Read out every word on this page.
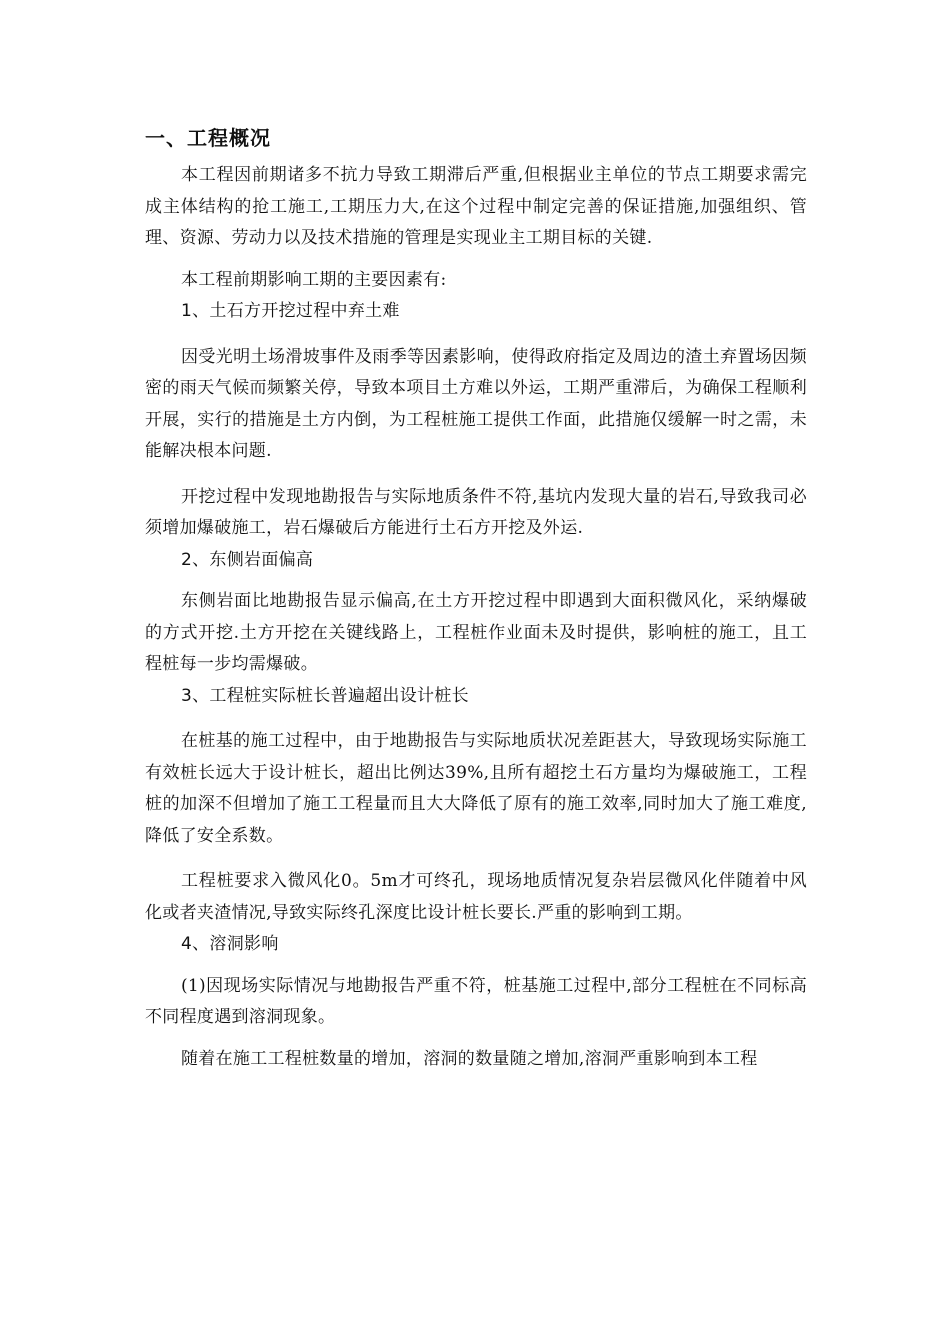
一、工程概况

本工程因前期诸多不抗力导致工期滞后严重,但根据业主单位的节点工期要求需完成主体结构的抢工施工,工期压力大,在这个过程中制定完善的保证措施,加强组织、管理、资源、劳动力以及技术措施的管理是实现业主工期目标的关键.

本工程前期影响工期的主要因素有:

1、土石方开挖过程中弃土难

因受光明土场滑坡事件及雨季等因素影响，使得政府指定及周边的渣土弃置场因频密的雨天气候而频繁关停，导致本项目土方难以外运，工期严重滞后，为确保工程顺利开展，实行的措施是土方内倒，为工程桩施工提供工作面，此措施仅缓解一时之需，未能解决根本问题.

开挖过程中发现地勘报告与实际地质条件不符,基坑内发现大量的岩石,导致我司必须增加爆破施工，岩石爆破后方能进行土石方开挖及外运.

2、东侧岩面偏高

东侧岩面比地勘报告显示偏高,在土方开挖过程中即遇到大面积微风化，采纳爆破的方式开挖.土方开挖在关键线路上，工程桩作业面未及时提供，影响桩的施工，且工程桩每一步均需爆破。

3、工程桩实际桩长普遍超出设计桩长

在桩基的施工过程中，由于地勘报告与实际地质状况差距甚大，导致现场实际施工有效桩长远大于设计桩长，超出比例达39%,且所有超挖土石方量均为爆破施工，工程桩的加深不但增加了施工工程量而且大大降低了原有的施工效率,同时加大了施工难度,降低了安全系数。

工程桩要求入微风化0。5m才可终孔，现场地质情况复杂岩层微风化伴随着中风化或者夹渣情况,导致实际终孔深度比设计桩长要长.严重的影响到工期。

4、溶洞影响

(1)因现场实际情况与地勘报告严重不符，桩基施工过程中,部分工程桩在不同标高不同程度遇到溶洞现象。

随着在施工工程桩数量的增加，溶洞的数量随之增加,溶洞严重影响到本工程
